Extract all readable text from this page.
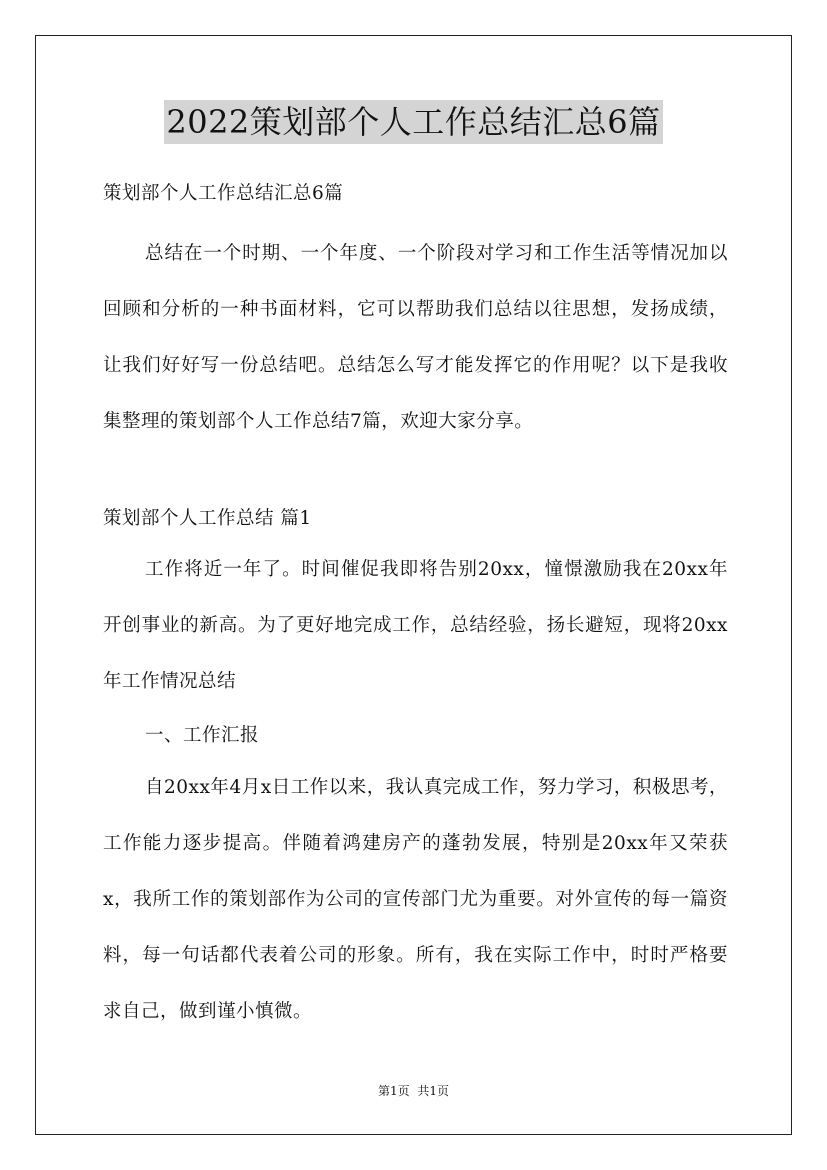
2022策划部个人工作总结汇总6篇
策划部个人工作总结汇总6篇

总结在一个时期、一个年度、一个阶段对学习和工作生活等情况加以回顾和分析的一种书面材料，它可以帮助我们总结以往思想，发扬成绩，让我们好好写一份总结吧。总结怎么写才能发挥它的作用呢？以下是我收集整理的策划部个人工作总结7篇，欢迎大家分享。

策划部个人工作总结 篇1

工作将近一年了。时间催促我即将告别20xx，憧憬激励我在20xx年开创事业的新高。为了更好地完成工作，总结经验，扬长避短，现将20xx年工作情况总结

一、工作汇报

自20xx年4月x日工作以来，我认真完成工作，努力学习，积极思考，工作能力逐步提高。伴随着鸿建房产的蓬勃发展，特别是20xx年又荣获x，我所工作的策划部作为公司的宣传部门尤为重要。对外宣传的每一篇资料，每一句话都代表着公司的形象。所有，我在实际工作中，时时严格要求自己，做到谨小慎微。

第1页 共1页
